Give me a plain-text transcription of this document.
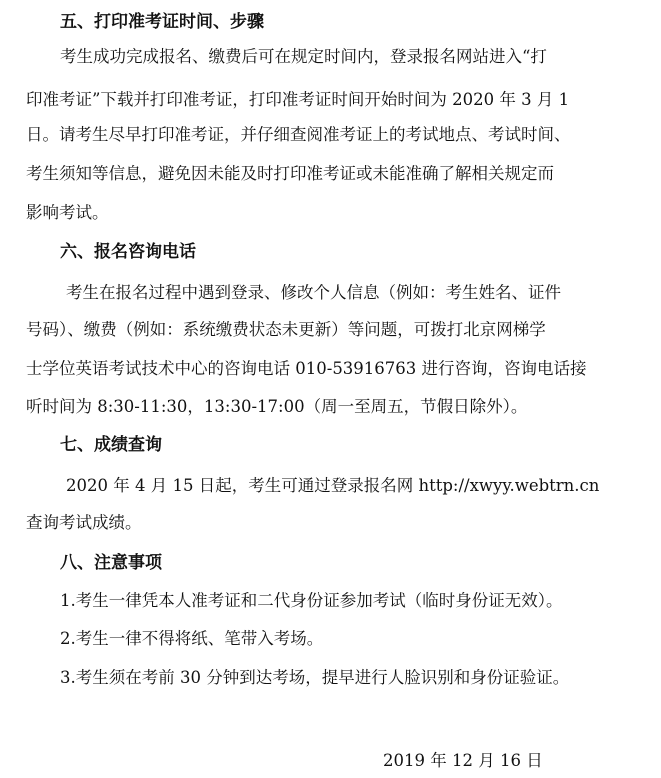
五、打印准考证时间、步骤
考生成功完成报名、缴费后可在规定时间内，登录报名网站进入“打
印准考证”下载并打印准考证，打印准考证时间开始时间为 2020 年 3 月 1
日。请考生尽早打印准考证，并仔细查阅准考证上的考试地点、考试时间、
考生须知等信息，避免因未能及时打印准考证或未能准确了解相关规定而
影响考试。
六、报名咨询电话
考生在报名过程中遇到登录、修改个人信息（例如：考生姓名、证件
号码）、缴费（例如：系统缴费状态未更新）等问题，可拨打北京网梯学
士学位英语考试技术中心的咨询电话 010-53916763 进行咨询，咨询电话接
听时间为 8:30-11:30，13:30-17:00（周一至周五，节假日除外）。
七、成绩查询
2020 年 4 月 15 日起，考生可通过登录报名网 http://xwyy.webtrn.cn
查询考试成绩。
八、注意事项
1.考生一律凭本人准考证和二代身份证参加考试（临时身份证无效）。
2.考生一律不得将纸、笔带入考场。
3.考生须在考前 30 分钟到达考场，提早进行人脸识别和身份证验证。
2019 年 12 月 16 日
